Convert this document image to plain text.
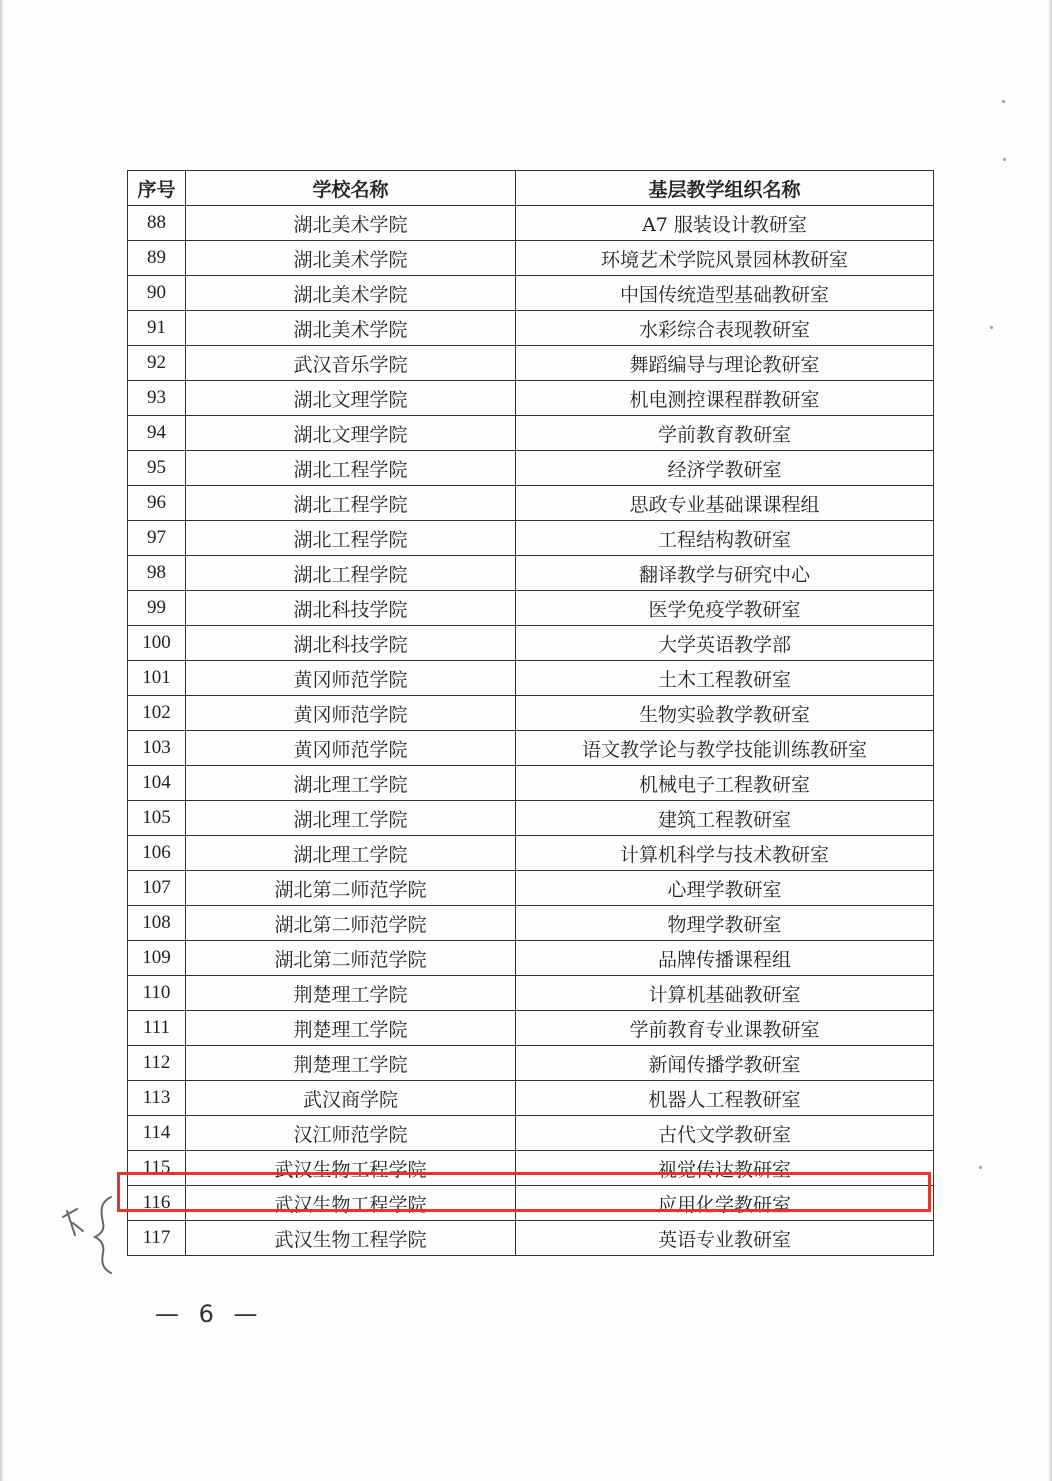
序号	学校名称	基层教学组织名称
88	湖北美术学院	A7 服装设计教研室
89	湖北美术学院	环境艺术学院风景园林教研室
90	湖北美术学院	中国传统造型基础教研室
91	湖北美术学院	水彩综合表现教研室
92	武汉音乐学院	舞蹈编导与理论教研室
93	湖北文理学院	机电测控课程群教研室
94	湖北文理学院	学前教育教研室
95	湖北工程学院	经济学教研室
96	湖北工程学院	思政专业基础课课程组
97	湖北工程学院	工程结构教研室
98	湖北工程学院	翻译教学与研究中心
99	湖北科技学院	医学免疫学教研室
100	湖北科技学院	大学英语教学部
101	黄冈师范学院	土木工程教研室
102	黄冈师范学院	生物实验教学教研室
103	黄冈师范学院	语文教学论与教学技能训练教研室
104	湖北理工学院	机械电子工程教研室
105	湖北理工学院	建筑工程教研室
106	湖北理工学院	计算机科学与技术教研室
107	湖北第二师范学院	心理学教研室
108	湖北第二师范学院	物理学教研室
109	湖北第二师范学院	品牌传播课程组
110	荆楚理工学院	计算机基础教研室
111	荆楚理工学院	学前教育专业课教研室
112	荆楚理工学院	新闻传播学教研室
113	武汉商学院	机器人工程教研室
114	汉江师范学院	古代文学教研室
115	武汉生物工程学院	视觉传达教研室
116	武汉生物工程学院	应用化学教研室
117	武汉生物工程学院	英语专业教研室
— 6 —
